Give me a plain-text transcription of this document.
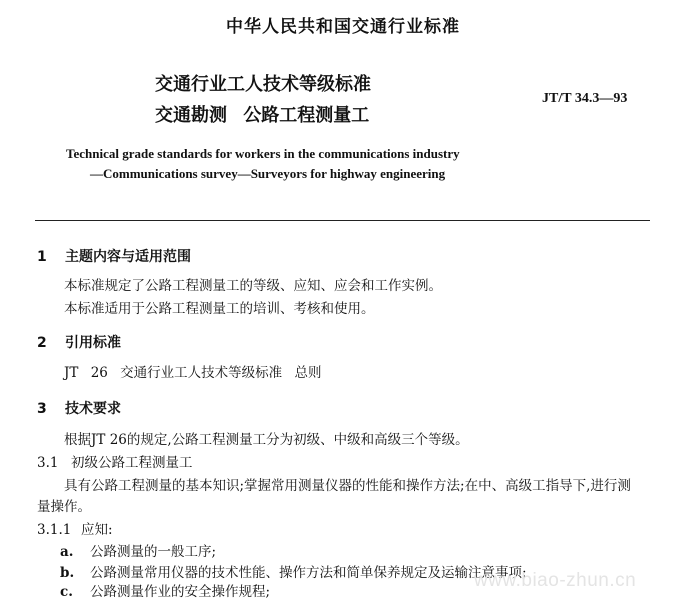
中华人民共和国交通行业标准
交通行业工人技术等级标准
交通勘测 公路工程测量工
JT/T 34.3—93
Technical grade standards for workers in the communications industry
—Communications survey—Surveyors for highway engineering
1 主题内容与适用范围
本标准规定了公路工程测量工的等级、应知、应会和工作实例。
本标准适用于公路工程测量工的培训、考核和使用。
2 引用标准
JT 26 交通行业工人技术等级标准 总则
3 技术要求
根据JT 26的规定,公路工程测量工分为初级、中级和高级三个等级。
3.1 初级公路工程测量工
具有公路工程测量的基本知识;掌握常用测量仪器的性能和操作方法;在中、高级工指导下,进行测
量操作。
3.1.1 应知:
a. 公路测量的一般工序;
b. 公路测量常用仪器的技术性能、操作方法和简单保养规定及运输注意事项;
c. 公路测量作业的安全操作规程;
www.biao-zhun.cn
